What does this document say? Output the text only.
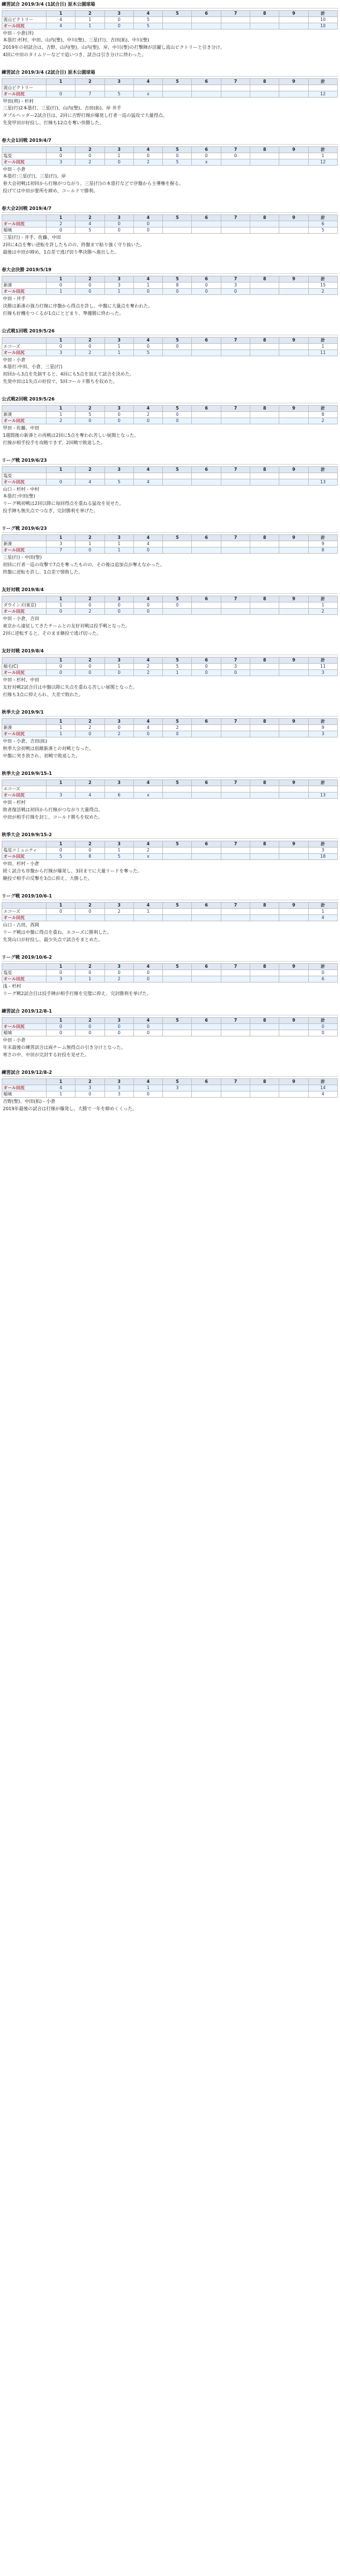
練習試合 2019/3/4 (1試合目) 原木公園球場
	1	2	3	4	5	6	7	8	9	計
流山ビクトリー	4	1	0	5						10
オール田尻	4	1	0	5						10
中田 ‐ 小倉(洋)
本塁打:杉村、中田、山内(聖)、中川(聖)、三星(行)、吉田(拓)、中川(聖)
2019年の初試合は、吉野、山内(聖)、山内(聖)、岸、中川(聖)の打撃陣が活躍し流山ビクトリーと引き分け。
4回に中田のタイムリーなどで追いつき、試合は引き分けに終わった。
練習試合 2019/3/4 (2試合目) 原木公園球場
	1	2	3	4	5	6	7	8	9	計
流山ビクトリー										
オール田尻	0	7	5	x						12
甲田(将) ‐ 杉村
三星(行)2本塁打、三星(行)、山内(聖)、吉田(拓)、岸 井手
ダブルヘッダー2試合目は、2回に吉野打線が爆発し打者一巡の猛攻で大量得点。
先発甲田が好投し、打線も12点を奪い快勝した。
春大会1回戦 2019/4/7
	1	2	3	4	5	6	7	8	9	計
塩見	0	0	1	0	0	0	0			1
オール田尻	3	2	0	2	5	x				12
中田 ‐ 小倉
本塁打:三星(行)、三星(行)、岸
春大会初戦は初回から打線がつながり、三星(行)の本塁打などで序盤から主導権を握る。
投げては中田が要所を締め、コールドで勝利。
春大会2回戦 2019/4/7
	1	2	3	4	5	6	7	8	9	計
オール田尻	2	4	0	0						6
稲城	0	5	0	0						5
三星(行) ‐ 井手、佐藤、中田
2回に4点を奪い逆転を許したものの、終盤まで粘り強く守り抜いた。
最後は中田が締め、1点差で逃げ切り準決勝へ進出した。
春大会決勝 2019/5/19
	1	2	3	4	5	6	7	8	9	計
新湊	0	0	3	1	8	0	3			15
オール田尻	1	0	1	0	0	0	0			2
中田 ‐ 井手
決勝は新湊の強力打線に序盤から得点を許し、中盤に大量点を奪われた。
打線も好機をつくるが1点にとどまり、準優勝に終わった。
公式戦1回戦 2019/5/26
	1	2	3	4	5	6	7	8	9	計
エコーズ	0	0	1	0	0					1
オール田尻	3	2	1	5						11
中田 ‐ 小倉
本塁打:中田、小倉、三星(行)
初回から3点を先制すると、4回にも5点を加えて試合を決めた。
先発中田は1失点の好投で、5回コールド勝ちを収めた。
公式戦2回戦 2019/5/26
	1	2	3	4	5	6	7	8	9	計
新湊	1	5	0	2	0					8
オール田尻	2	0	0	0	0					2
甲田 ‐ 佐藤、中田
1週間後の新湊との再戦は2回に5点を奪われ苦しい展開となった。
打線が相手投手を攻略できず、2回戦で敗退した。
リーグ戦 2019/6/23
	1	2	3	4	5	6	7	8	9	計
塩見										
オール田尻	0	4	5	4						13
山口 ‐ 杉村 ‐ 中村
本塁打:中田(聖)
リーグ戦初戦は2回以降に毎回得点を重ねる猛攻を見せた。
投手陣も無失点でつなぎ、完封勝利を挙げた。
リーグ戦 2019/6/23
	1	2	3	4	5	6	7	8	9	計
新湊	3	1	1	4						9
オール田尻	7	0	1	0						8
三星(行) ‐ 中田(聖)
初回に打者一巡の攻撃で7点を奪ったものの、その後は追加点が奪えなかった。
終盤に逆転を許し、1点差で惜敗した。
友好対戦 2019/8/4
	1	2	3	4	5	6	7	8	9	計
ダウインズ(東京)	1	0	0	0	0					1
オール田尻	0	2	0	0						2
中田 ‐ 小倉、吉田
東京から遠征してきたチームとの友好対戦は投手戦となった。
2回に逆転すると、そのまま継投で逃げ切った。
友好対戦 2019/8/4
	1	2	3	4	5	6	7	8	9	計
稲毛(C)	0	0	1	2	5	0	3			11
オール田尻	0	0	0	2	1	0	0			3
中田 ‐ 杉村、中田
友好対戦2試合目は中盤以降に失点を重ねる苦しい展開となった。
打線も3点に抑えられ、大差で敗れた。
秋季大会 2019/9/1
	1	2	3	4	5	6	7	8	9	計
新湊	1	2	0	4	2					9
オール田尻	1	0	2	0	0					3
中田 ‐ 小倉、吉田(拓)
秋季大会初戦は宿敵新湊との対戦となった。
中盤に突き放され、初戦で敗退した。
秋季大会 2019/9/15-1
	1	2	3	4	5	6	7	8	9	計
エコーズ										
オール田尻	3	4	6	x						13
中田 ‐ 杉村
敗者復活戦は初回から打線がつながり大量得点。
中田が相手打線を封じ、コールド勝ちを収めた。
秋季大会 2019/9/15-2
	1	2	3	4	5	6	7	8	9	計
塩見コミュニティ	0	0	1	2						3
オール田尻	5	8	5	x						18
中田、杉村 ‐ 小倉
続く試合も序盤から打線が爆発し、3回までに大量リードを奪った。
継投で相手の反撃を3点に抑え、大勝した。
リーグ戦 2019/10/6-1
	1	2	3	4	5	6	7	8	9	計
エコーズ	0	0	2	1						1
オール田尻										4
山口 ‐ 古田、西岡
リーグ戦は中盤に得点を重ね、エコーズに勝利した。
先発山口が好投し、最少失点で試合をまとめた。
リーグ戦 2019/10/6-2
	1	2	3	4	5	6	7	8	9	計
塩見	0	0	0	0						0
オール田尻	3	1	2	0						6
浅 ‐ 杉村
リーグ戦2試合目は投手陣が相手打線を完璧に抑え、完封勝利を挙げた。
練習試合 2019/12/8-1
	1	2	3	4	5	6	7	8	9	計
オール田尻	0	0	0	0						0
稲城	0	0	0	0						0
中田 ‐ 小倉
年末最後の練習試合は両チーム無得点の引き分けとなった。
寒さの中、中田が完封する好投を見せた。
練習試合 2019/12/8-2
	1	2	3	4	5	6	7	8	9	計
オール田尻	4	3	3	1	3					14
稲城	1	0	3	0						4
吉野(聖)、中田(拓) ‐ 小倉
2019年最後の試合は打線が爆発し、大勝で一年を締めくくった。
